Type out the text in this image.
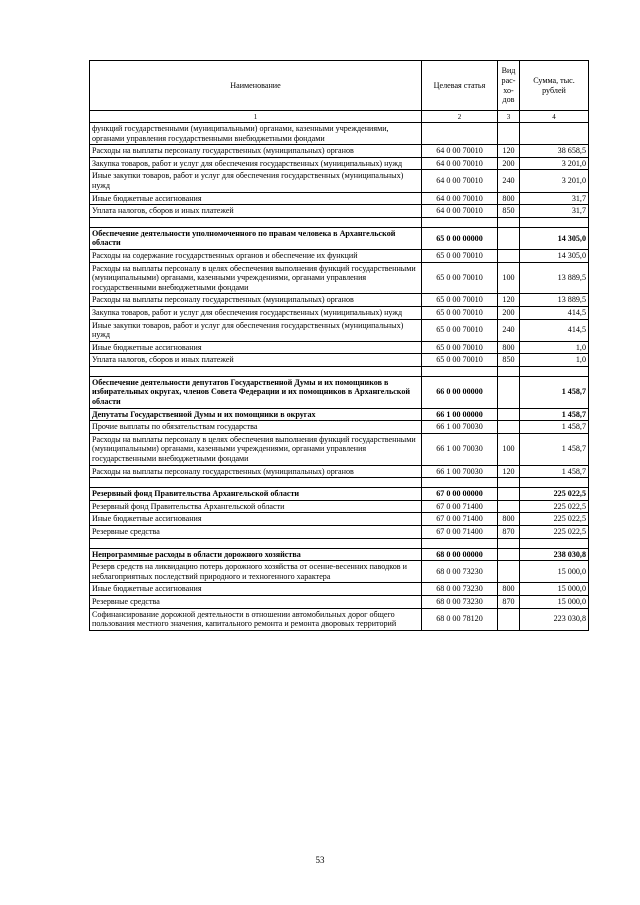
Наименование	Целевая статья	Вид рас-хо-дов	Сумма, тыс. рублей
1	2	3	4
функций государственными (муниципальными) органами, казенными учреждениями, органами управления государственными внебюджетными фондами			
Расходы на выплаты персоналу государственных (муниципальных) органов	64 0 00 70010	120	38 658,5
Закупка товаров, работ и услуг для обеспечения государственных (муниципальных) нужд	64 0 00 70010	200	3 201,0
Иные закупки товаров, работ и услуг для обеспечения государственных (муниципальных) нужд	64 0 00 70010	240	3 201,0
Иные бюджетные ассигнования	64 0 00 70010	800	31,7
Уплата налогов, сборов и иных платежей	64 0 00 70010	850	31,7

Обеспечение деятельности уполномоченного по правам человека в Архангельской области	65 0 00 00000		14 305,0
Расходы на содержание государственных органов и обеспечение их функций	65 0 00 70010		14 305,0
Расходы на выплаты персоналу в целях обеспечения выполнения функций государственными (муниципальными) органами, казенными учреждениями, органами управления государственными внебюджетными фондами	65 0 00 70010	100	13 889,5
Расходы на выплаты персоналу государственных (муниципальных) органов	65 0 00 70010	120	13 889,5
Закупка товаров, работ и услуг для обеспечения государственных (муниципальных) нужд	65 0 00 70010	200	414,5
Иные закупки товаров, работ и услуг для обеспечения государственных (муниципальных) нужд	65 0 00 70010	240	414,5
Иные бюджетные ассигнования	65 0 00 70010	800	1,0
Уплата налогов, сборов и иных платежей	65 0 00 70010	850	1,0

Обеспечение деятельности депутатов Государственной Думы и их помощников в избирательных округах, членов Совета Федерации и их помощников в Архангельской области	66 0 00 00000		1 458,7
Депутаты Государственной Думы и их помощники в округах	66 1 00 00000		1 458,7
Прочие выплаты по обязательствам государства	66 1 00 70030		1 458,7
Расходы на выплаты персоналу в целях обеспечения выполнения функций государственными (муниципальными) органами, казенными учреждениями, органами управления государственными внебюджетными фондами	66 1 00 70030	100	1 458,7
Расходы на выплаты персоналу государственных (муниципальных) органов	66 1 00 70030	120	1 458,7

Резервный фонд Правительства Архангельской области	67 0 00 00000		225 022,5
Резервный фонд Правительства Архангельской области	67 0 00 71400		225 022,5
Иные бюджетные ассигнования	67 0 00 71400	800	225 022,5
Резервные средства	67 0 00 71400	870	225 022,5

Непрограммные расходы в области дорожного хозяйства	68 0 00 00000		238 030,8
Резерв средств на ликвидацию потерь дорожного хозяйства от осенне-весенних паводков и неблагоприятных последствий природного и техногенного характера	68 0 00 73230		15 000,0
Иные бюджетные ассигнования	68 0 00 73230	800	15 000,0
Резервные средства	68 0 00 73230	870	15 000,0
Софинансирование дорожной деятельности в отношении автомобильных дорог общего пользования местного значения, капитального ремонта и ремонта дворовых территорий	68 0 00 78120		223 030,8
53
